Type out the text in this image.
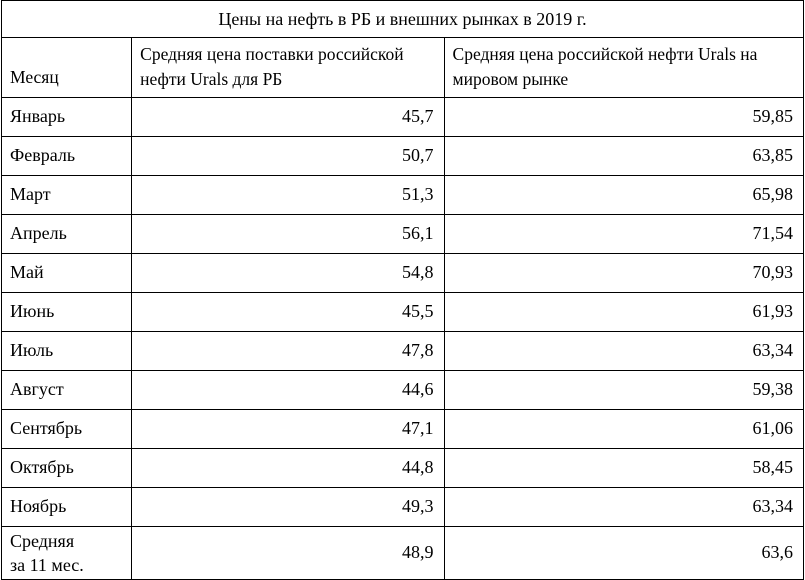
Цены на нефть в РБ и внешних рынках в 2019 г.		
Месяц	Средняя цена поставки российской нефти Urals для РБ	Средняя цена российской нефти Urals на мировом рынке
Январь	45,7	59,85
Февраль	50,7	63,85
Март	51,3	65,98
Апрель	56,1	71,54
Май	54,8	70,93
Июнь	45,5	61,93
Июль	47,8	63,34
Август	44,6	59,38
Сентябрь	47,1	61,06
Октябрь	44,8	58,45
Ноябрь	49,3	63,34
Средняя
за 11 мес.	48,9	63,6
